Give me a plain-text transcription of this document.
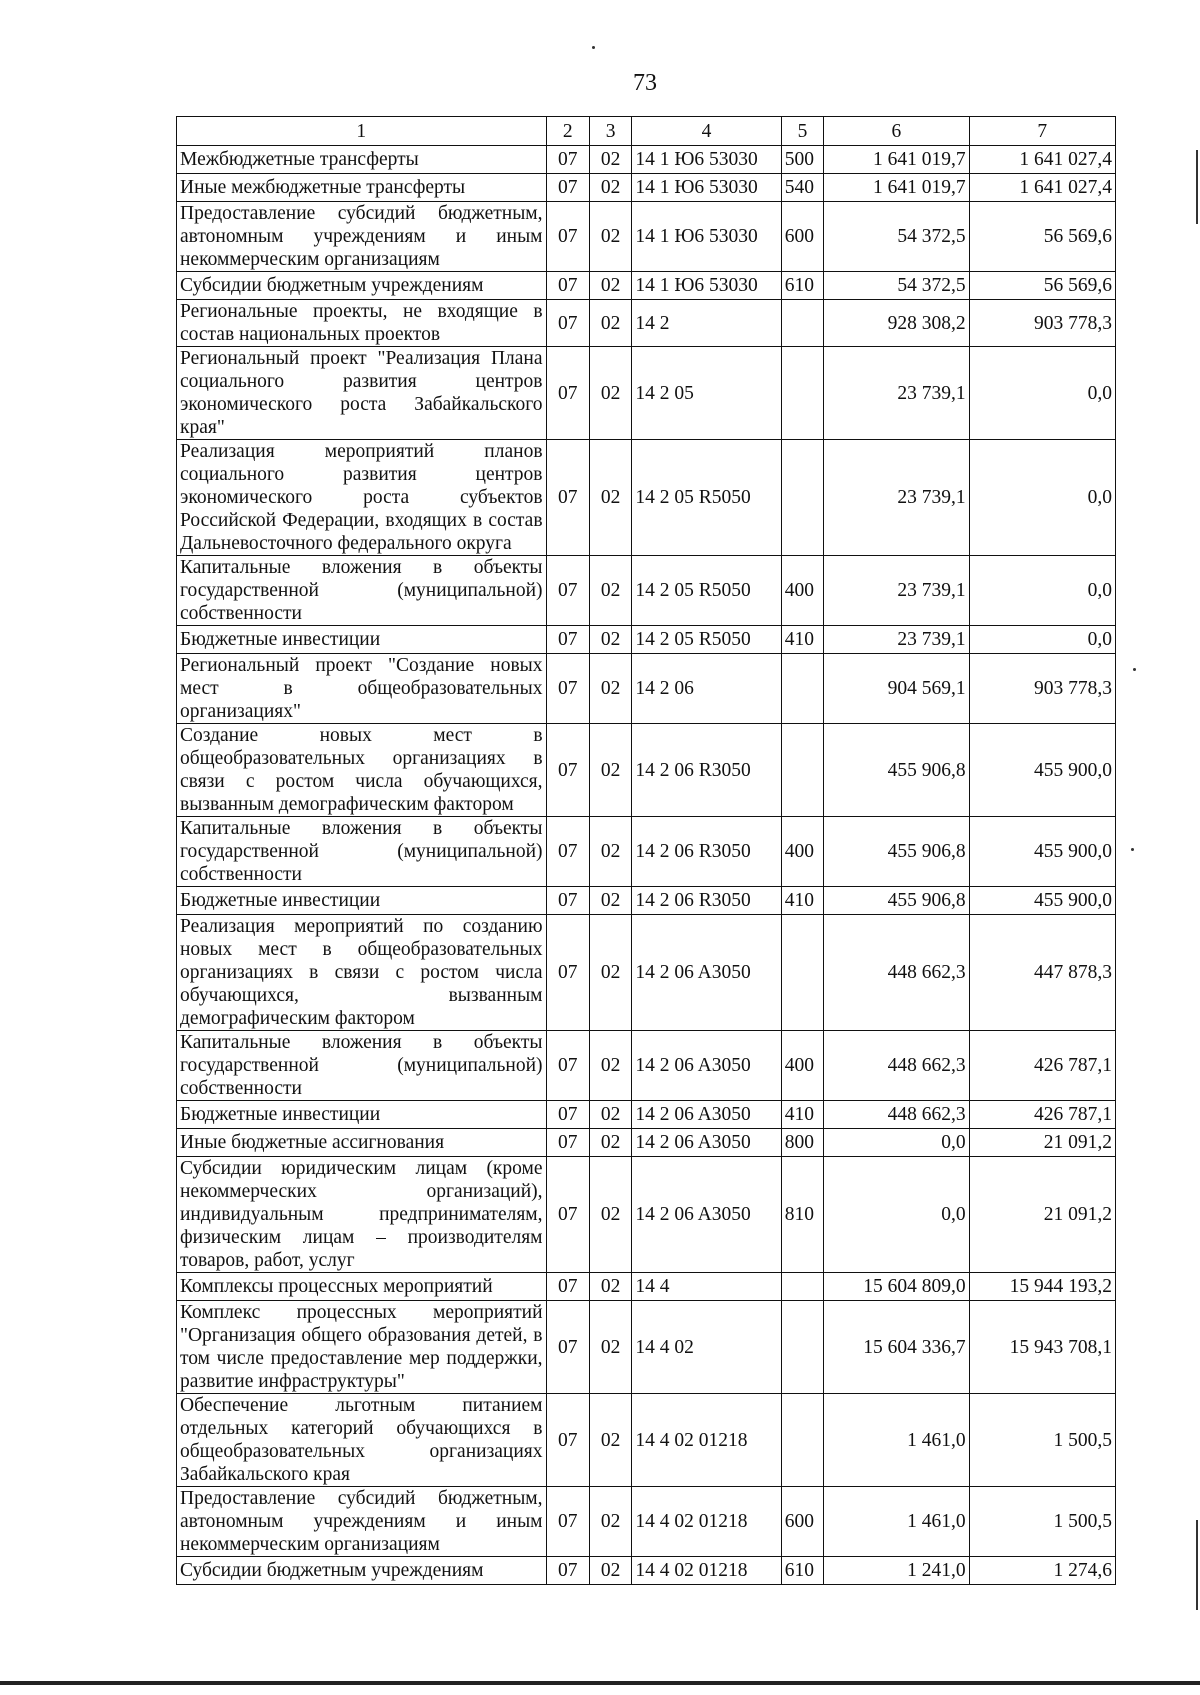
73
1	2	3	4	5	6	7
Межбюджетные трансферты	07	02	14 1 Ю6 53030	500	1 641 019,7	1 641 027,4
Иные межбюджетные трансферты	07	02	14 1 Ю6 53030	540	1 641 019,7	1 641 027,4
Предоставление субсидий бюджетным, автономным учреждениям и иным некоммерческим организациям	07	02	14 1 Ю6 53030	600	54 372,5	56 569,6
Субсидии бюджетным учреждениям	07	02	14 1 Ю6 53030	610	54 372,5	56 569,6
Региональные проекты, не входящие в состав национальных проектов	07	02	14 2		928 308,2	903 778,3
Региональный проект "Реализация Плана социального развития центров экономического роста Забайкальского края"	07	02	14 2 05		23 739,1	0,0
Реализация мероприятий планов социального развития центров экономического роста субъектов Российской Федерации, входящих в состав Дальневосточного федерального округа	07	02	14 2 05 R5050		23 739,1	0,0
Капитальные вложения в объекты государственной (муниципальной) собственности	07	02	14 2 05 R5050	400	23 739,1	0,0
Бюджетные инвестиции	07	02	14 2 05 R5050	410	23 739,1	0,0
Региональный проект "Создание новых мест в общеобразовательных организациях"	07	02	14 2 06		904 569,1	903 778,3
Создание новых мест в общеобразовательных организациях в связи с ростом числа обучающихся, вызванным демографическим фактором	07	02	14 2 06 R3050		455 906,8	455 900,0
Капитальные вложения в объекты государственной (муниципальной) собственности	07	02	14 2 06 R3050	400	455 906,8	455 900,0
Бюджетные инвестиции	07	02	14 2 06 R3050	410	455 906,8	455 900,0
Реализация мероприятий по созданию новых мест в общеобразовательных организациях в связи с ростом числа обучающихся, вызванным демографическим фактором	07	02	14 2 06 A3050		448 662,3	447 878,3
Капитальные вложения в объекты государственной (муниципальной) собственности	07	02	14 2 06 A3050	400	448 662,3	426 787,1
Бюджетные инвестиции	07	02	14 2 06 A3050	410	448 662,3	426 787,1
Иные бюджетные ассигнования	07	02	14 2 06 A3050	800	0,0	21 091,2
Субсидии юридическим лицам (кроме некоммерческих организаций), индивидуальным предпринимателям, физическим лицам – производителям товаров, работ, услуг	07	02	14 2 06 A3050	810	0,0	21 091,2
Комплексы процессных мероприятий	07	02	14 4		15 604 809,0	15 944 193,2
Комплекс процессных мероприятий "Организация общего образования детей, в том числе предоставление мер поддержки, развитие инфраструктуры"	07	02	14 4 02		15 604 336,7	15 943 708,1
Обеспечение льготным питанием отдельных категорий обучающихся в общеобразовательных организациях Забайкальского края	07	02	14 4 02 01218		1 461,0	1 500,5
Предоставление субсидий бюджетным, автономным учреждениям и иным некоммерческим организациям	07	02	14 4 02 01218	600	1 461,0	1 500,5
Субсидии бюджетным учреждениям	07	02	14 4 02 01218	610	1 241,0	1 274,6
